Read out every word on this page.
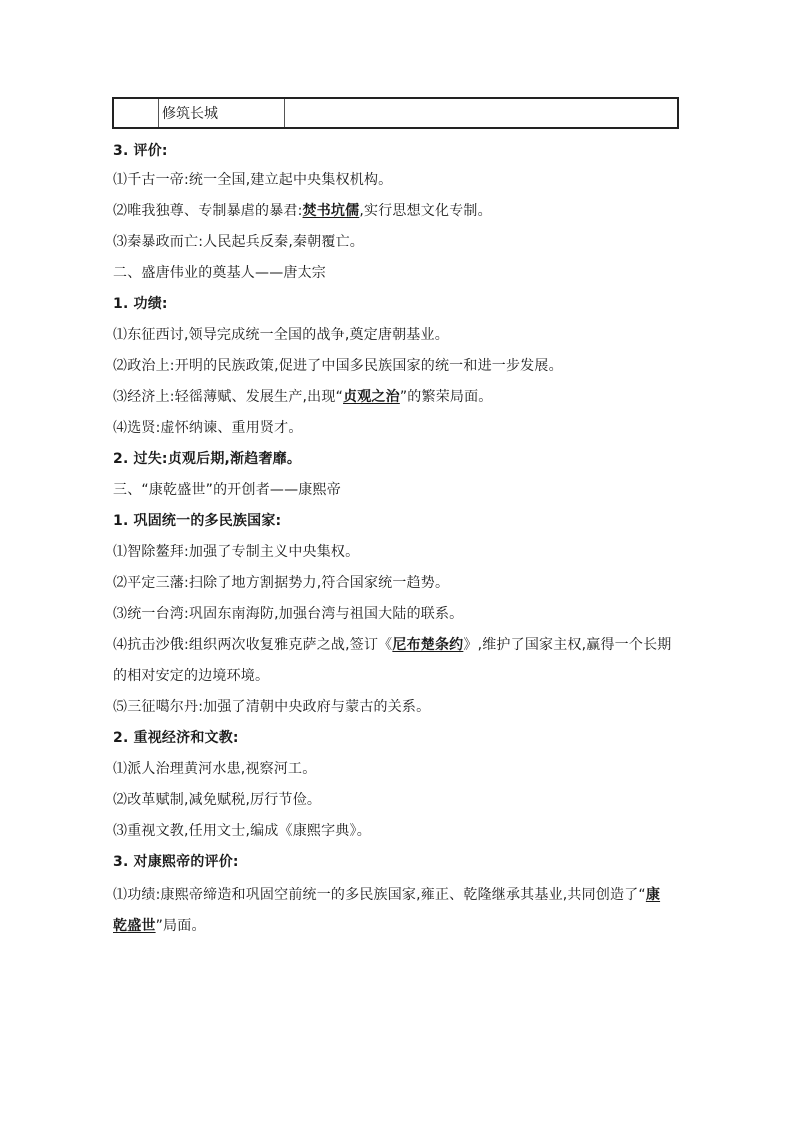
修筑长城
3. 评价:
⑴千古一帝:统一全国,建立起中央集权机构。
⑵唯我独尊、专制暴虐的暴君:焚书坑儒,实行思想文化专制。
⑶秦暴政而亡:人民起兵反秦,秦朝覆亡。
二、盛唐伟业的奠基人——唐太宗
1. 功绩:
⑴东征西讨,领导完成统一全国的战争,奠定唐朝基业。
⑵政治上:开明的民族政策,促进了中国多民族国家的统一和进一步发展。
⑶经济上:轻徭薄赋、发展生产,出现“贞观之治”的繁荣局面。
⑷选贤:虚怀纳谏、重用贤才。
2. 过失:贞观后期,渐趋奢靡。
三、“康乾盛世”的开创者——康熙帝
1. 巩固统一的多民族国家:
⑴智除鳌拜:加强了专制主义中央集权。
⑵平定三藩:扫除了地方割据势力,符合国家统一趋势。
⑶统一台湾:巩固东南海防,加强台湾与祖国大陆的联系。
⑷抗击沙俄:组织两次收复雅克萨之战,签订《尼布楚条约》,维护了国家主权,赢得一个长期
的相对安定的边境环境。
⑸三征噶尔丹:加强了清朝中央政府与蒙古的关系。
2. 重视经济和文教:
⑴派人治理黄河水患,视察河工。
⑵改革赋制,减免赋税,厉行节俭。
⑶重视文教,任用文士,编成《康熙字典》。
3. 对康熙帝的评价:
⑴功绩:康熙帝缔造和巩固空前统一的多民族国家,雍正、乾隆继承其基业,共同创造了“康
乾盛世”局面。
